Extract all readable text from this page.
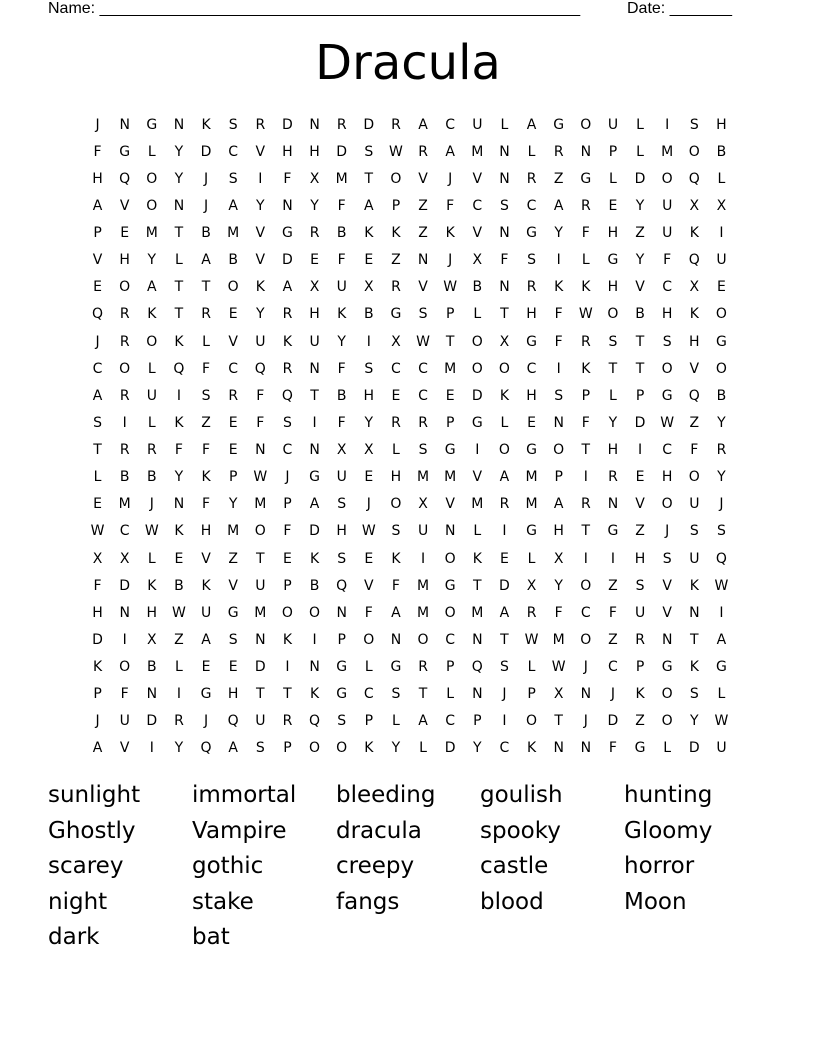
Name: ______________________________________________________	Date: _______
Dracula
J	N	G	N	K	S	R	D	N	R	D	R	A	C	U	L	A	G	O	U	L	I	S	H
F	G	L	Y	D	C	V	H	H	D	S	W	R	A	M	N	L	R	N	P	L	M	O	B
H	Q	O	Y	J	S	I	F	X	M	T	O	V	J	V	N	R	Z	G	L	D	O	Q	L
A	V	O	N	J	A	Y	N	Y	F	A	P	Z	F	C	S	C	A	R	E	Y	U	X	X
P	E	M	T	B	M	V	G	R	B	K	K	Z	K	V	N	G	Y	F	H	Z	U	K	I
V	H	Y	L	A	B	V	D	E	F	E	Z	N	J	X	F	S	I	L	G	Y	F	Q	U
E	O	A	T	T	O	K	A	X	U	X	R	V	W	B	N	R	K	K	H	V	C	X	E
Q	R	K	T	R	E	Y	R	H	K	B	G	S	P	L	T	H	F	W	O	B	H	K	O
J	R	O	K	L	V	U	K	U	Y	I	X	W	T	O	X	G	F	R	S	T	S	H	G
C	O	L	Q	F	C	Q	R	N	F	S	C	C	M	O	O	C	I	K	T	T	O	V	O
A	R	U	I	S	R	F	Q	T	B	H	E	C	E	D	K	H	S	P	L	P	G	Q	B
S	I	L	K	Z	E	F	S	I	F	Y	R	R	P	G	L	E	N	F	Y	D	W	Z	Y
T	R	R	F	F	E	N	C	N	X	X	L	S	G	I	O	G	O	T	H	I	C	F	R
L	B	B	Y	K	P	W	J	G	U	E	H	M	M	V	A	M	P	I	R	E	H	O	Y
E	M	J	N	F	Y	M	P	A	S	J	O	X	V	M	R	M	A	R	N	V	O	U	J
W	C	W	K	H	M	O	F	D	H	W	S	U	N	L	I	G	H	T	G	Z	J	S	S
X	X	L	E	V	Z	T	E	K	S	E	K	I	O	K	E	L	X	I	I	H	S	U	Q
F	D	K	B	K	V	U	P	B	Q	V	F	M	G	T	D	X	Y	O	Z	S	V	K	W
H	N	H	W	U	G	M	O	O	N	F	A	M	O	M	A	R	F	C	F	U	V	N	I
D	I	X	Z	A	S	N	K	I	P	O	N	O	C	N	T	W	M	O	Z	R	N	T	A
K	O	B	L	E	E	D	I	N	G	L	G	R	P	Q	S	L	W	J	C	P	G	K	G
P	F	N	I	G	H	T	T	K	G	C	S	T	L	N	J	P	X	N	J	K	O	S	L
J	U	D	R	J	Q	U	R	Q	S	P	L	A	C	P	I	O	T	J	D	Z	O	Y	W
A	V	I	Y	Q	A	S	P	O	O	K	Y	L	D	Y	C	K	N	N	F	G	L	D	U
sunlight	immortal	bleeding	goulish	hunting
Ghostly	Vampire	dracula	spooky	Gloomy
scarey	gothic	creepy	castle	horror
night	stake	fangs	blood	Moon
dark	bat
